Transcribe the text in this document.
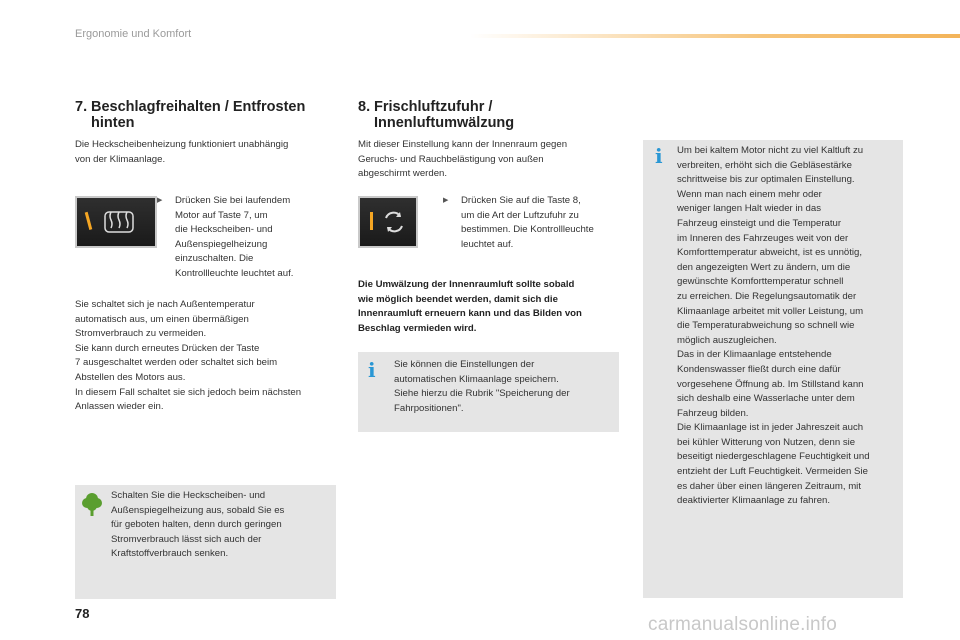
Ergonomie und Komfort
7. Beschlagfreihalten / Entfrosten
hinten
Die Heckscheibenheizung funktioniert unabhängig
von der Klimaanlage.
▶ Drücken Sie bei laufendem
Motor auf Taste 7, um
die Heckscheiben- und
Außenspiegelheizung
einzuschalten. Die
Kontrollleuchte leuchtet auf.
Sie schaltet sich je nach Außentemperatur
automatisch aus, um einen übermäßigen
Stromverbrauch zu vermeiden.
Sie kann durch erneutes Drücken der Taste
7 ausgeschaltet werden oder schaltet sich beim
Abstellen des Motors aus.
In diesem Fall schaltet sie sich jedoch beim nächsten
Anlassen wieder ein.
Schalten Sie die Heckscheiben- und
Außenspiegelheizung aus, sobald Sie es
für geboten halten, denn durch geringen
Stromverbrauch lässt sich auch der
Kraftstoffverbrauch senken.
8. Frischluftzufuhr /
Innenluftumwälzung
Mit dieser Einstellung kann der Innenraum gegen
Geruchs- und Rauchbelästigung von außen
abgeschirmt werden.
▶ Drücken Sie auf die Taste 8,
um die Art der Luftzufuhr zu
bestimmen. Die Kontrollleuchte
leuchtet auf.
Die Umwälzung der Innenraumluft sollte sobald
wie möglich beendet werden, damit sich die
Innenraumluft erneuern kann und das Bilden von
Beschlag vermieden wird.
i Sie können die Einstellungen der
automatischen Klimaanlage speichern.
Siehe hierzu die Rubrik "Speicherung der
Fahrpositionen".
i Um bei kaltem Motor nicht zu viel Kaltluft zu
verbreiten, erhöht sich die Gebläsestärke
schrittweise bis zur optimalen Einstellung.
Wenn man nach einem mehr oder
weniger langen Halt wieder in das
Fahrzeug einsteigt und die Temperatur
im Inneren des Fahrzeuges weit von der
Komforttemperatur abweicht, ist es unnötig,
den angezeigten Wert zu ändern, um die
gewünschte Komforttemperatur schnell
zu erreichen. Die Regelungsautomatik der
Klimaanlage arbeitet mit voller Leistung, um
die Temperaturabweichung so schnell wie
möglich auszugleichen.
Das in der Klimaanlage entstehende
Kondenswasser fließt durch eine dafür
vorgesehene Öffnung ab. Im Stillstand kann
sich deshalb eine Wasserlache unter dem
Fahrzeug bilden.
Die Klimaanlage ist in jeder Jahreszeit auch
bei kühler Witterung von Nutzen, denn sie
beseitigt niedergeschlagene Feuchtigkeit und
entzieht der Luft Feuchtigkeit. Vermeiden Sie
es daher über einen längeren Zeitraum, mit
deaktivierter Klimaanlage zu fahren.
78
carmanualsonline.info
